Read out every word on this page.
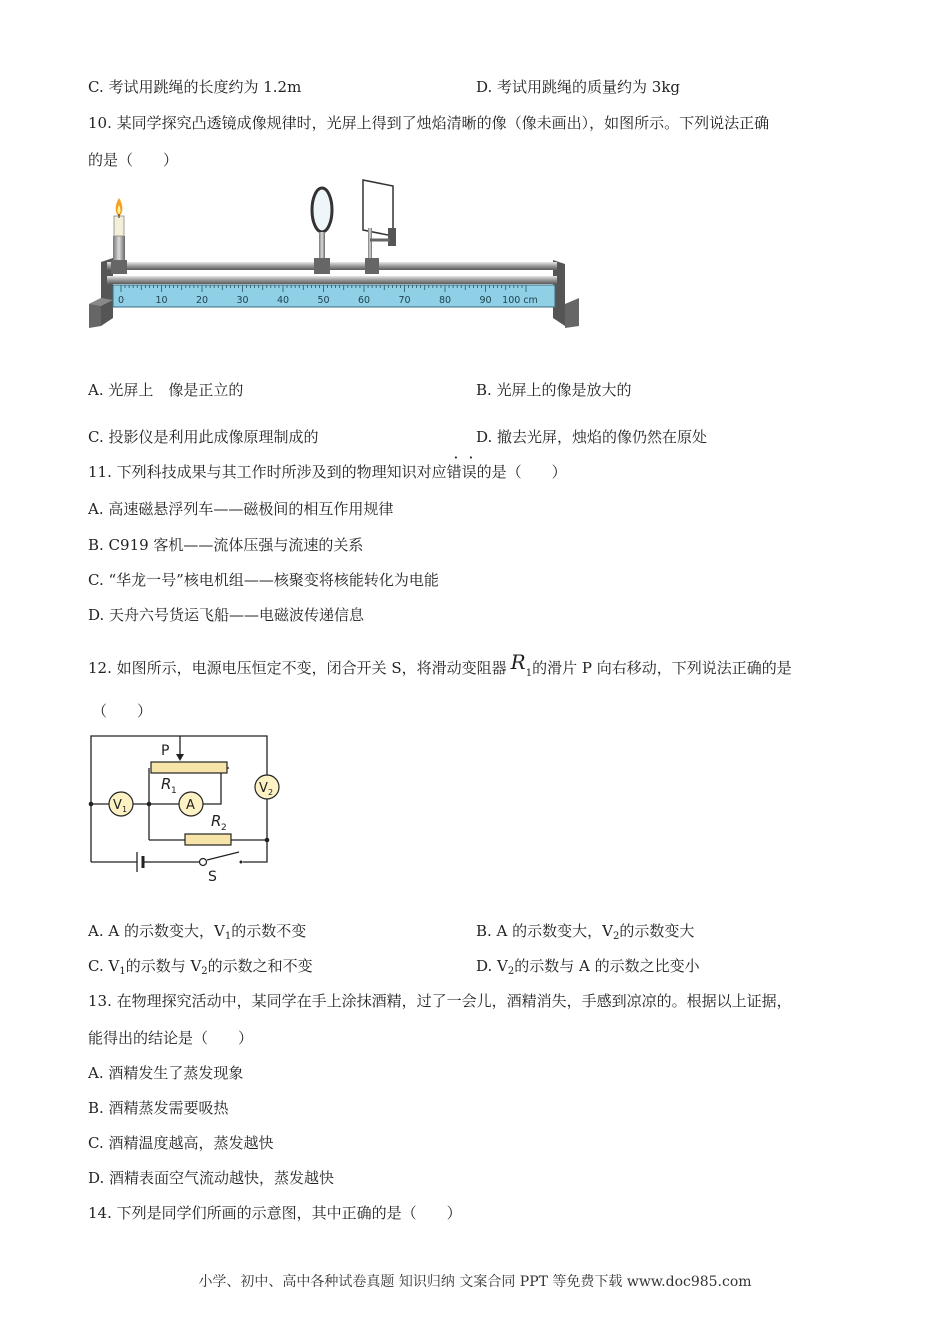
C. 考试用跳绳的长度约为 1.2m	D. 考试用跳绳的质量约为 3kg
10. 某同学探究凸透镜成像规律时，光屏上得到了烛焰清晰的像（像未画出），如图所示。下列说法正确
的是（　　）
0	10	20	30	40	50	60	70	80	90 100 cm
A. 光屏上　像是正立的	B. 光屏上的像是放大的
C. 投影仪是利用此成像原理制成的	D. 撤去光屏，烛焰的像仍然在原处
11. 下列科技成果与其工作时所涉及到的物理知识对应错误的是（　　）
A. 高速磁悬浮列车——磁极间的相互作用规律
B. C919 客机——流体压强与流速的关系
C. “华龙一号”核电机组——核聚变将核能转化为电能
D. 天舟六号货运飞船——电磁波传递信息
12. 如图所示，电源电压恒定不变，闭合开关 S，将滑动变阻器 $R_1$的滑片 P 向右移动，下列说法正确的是
（　　）
V 1	A
V 2
P
R 1
R 2
S
A. A 的示数变大，$V_1$的示数不变	B. A 的示数变大，$V_2$的示数变大
C. $V_1$的示数与 $V_2$的示数之和不变	D. $V_2$的示数与 A 的示数之比变小
13. 在物理探究活动中，某同学在手上涂抹酒精，过了一会儿，酒精消失，手感到凉凉的。根据以上证据，
能得出的结论是（　　）
A. 酒精发生了蒸发现象
B. 酒精蒸发需要吸热
C. 酒精温度越高，蒸发越快
D. 酒精表面空气流动越快，蒸发越快
14. 下列是同学们所画的示意图，其中正确的是（　　）
小学、初中、高中各种试卷真题 知识归纳 文案合同 PPT 等免费下载 www.doc985.com
